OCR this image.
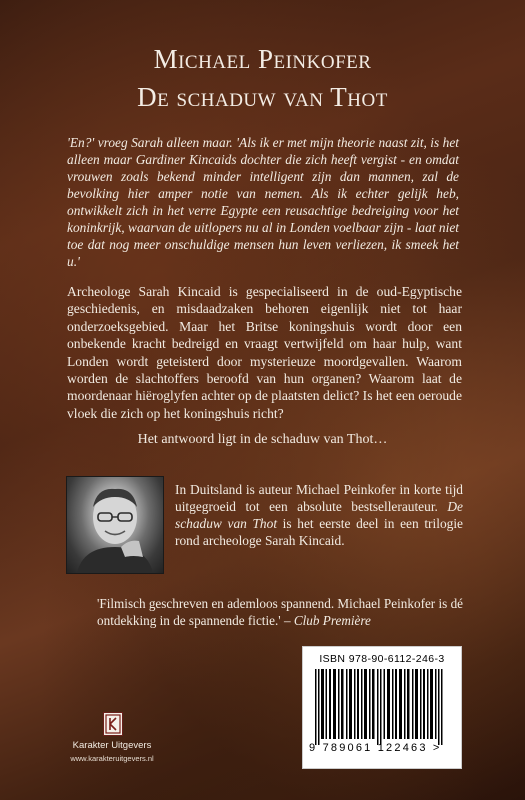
Michael Peinkofer
De schaduw van Thot
'En?' vroeg Sarah alleen maar. 'Als ik er met mijn theorie naast zit, is het alleen maar Gardiner Kincaids dochter die zich heeft vergist - en omdat vrouwen zoals bekend minder intelligent zijn dan mannen, zal de bevolking hier amper notie van nemen. Als ik echter gelijk heb, ontwikkelt zich in het verre Egypte een reusachtige bedreiging voor het koninkrijk, waarvan de uitlopers nu al in Londen voelbaar zijn - laat niet toe dat nog meer onschuldige mensen hun leven verliezen, ik smeek het u.'
Archeologe Sarah Kincaid is gespecialiseerd in de oud-Egyptische geschiedenis, en misdaadzaken behoren eigenlijk niet tot haar onderzoeksgebied. Maar het Britse koningshuis wordt door een onbekende kracht bedreigd en vraagt vertwijfeld om haar hulp, want Londen wordt geteisterd door mysterieuze moordgevallen. Waarom worden de slachtoffers beroofd van hun organen? Waarom laat de moordenaar hiëroglyfen achter op de plaatsten delict? Is het een oeroude vloek die zich op het koningshuis richt?
Het antwoord ligt in de schaduw van Thot…
In Duitsland is auteur Michael Peinkofer in korte tijd uitgegroeid tot een absolute bestsellerauteur. De schaduw van Thot is het eerste deel in een trilogie rond archeologe Sarah Kincaid.
'Filmisch geschreven en ademloos spannend. Michael Peinkofer is dé ontdekking in de spannende fictie.' – Club Première
ISBN 978-90-6112-246-3
9 789061 122463 >
Karakter Uitgevers
www.karakteruitgevers.nl
